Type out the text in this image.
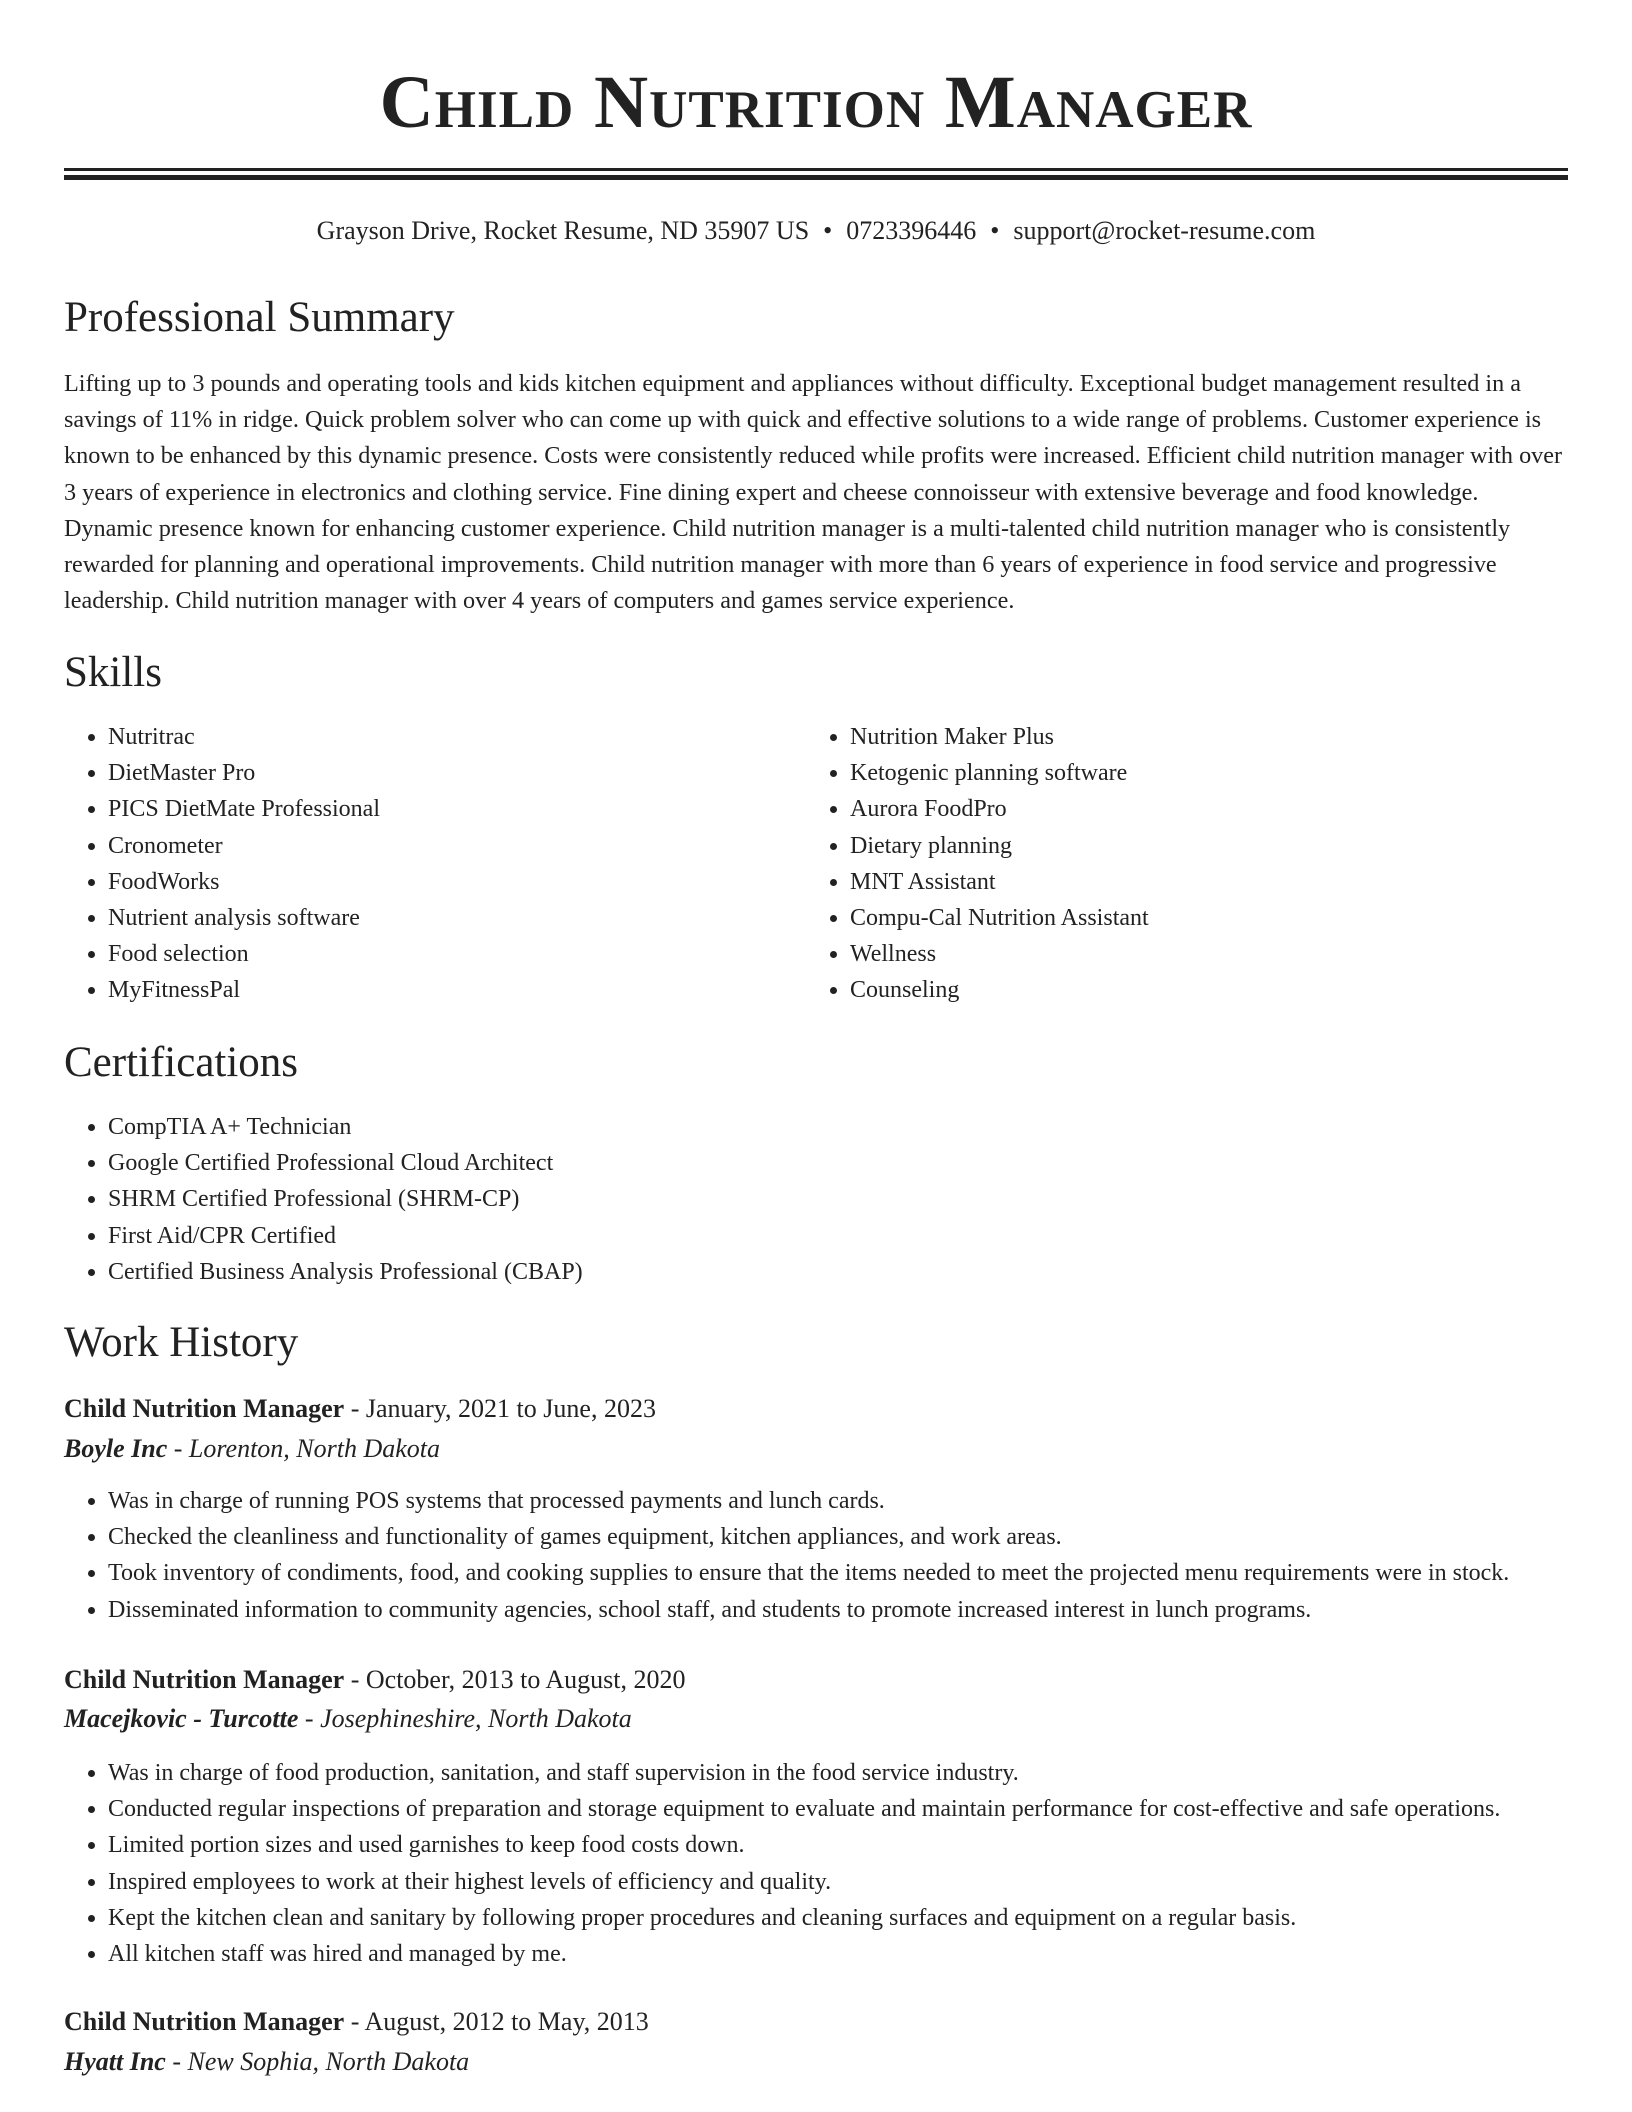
Child Nutrition Manager
Grayson Drive, Rocket Resume, ND 35907 US • 0723396446 • support@rocket-resume.com
Professional Summary

Lifting up to 3 pounds and operating tools and kids kitchen equipment and appliances without difficulty. Exceptional budget management resulted in a savings of 11% in ridge. Quick problem solver who can come up with quick and effective solutions to a wide range of problems. Customer experience is known to be enhanced by this dynamic presence. Costs were consistently reduced while profits were increased. Efficient child nutrition manager with over 3 years of experience in electronics and clothing service. Fine dining expert and cheese connoisseur with extensive beverage and food knowledge. Dynamic presence known for enhancing customer experience. Child nutrition manager is a multi-talented child nutrition manager who is consistently rewarded for planning and operational improvements. Child nutrition manager with more than 6 years of experience in food service and progressive leadership. Child nutrition manager with over 4 years of computers and games service experience.

Skills
• Nutritrac
• DietMaster Pro
• PICS DietMate Professional
• Cronometer
• FoodWorks
• Nutrient analysis software
• Food selection
• MyFitnessPal
• Nutrition Maker Plus
• Ketogenic planning software
• Aurora FoodPro
• Dietary planning
• MNT Assistant
• Compu-Cal Nutrition Assistant
• Wellness
• Counseling
Certifications
• CompTIA A+ Technician
• Google Certified Professional Cloud Architect
• SHRM Certified Professional (SHRM-CP)
• First Aid/CPR Certified
• Certified Business Analysis Professional (CBAP)
Work History
Child Nutrition Manager - January, 2021 to June, 2023
Boyle Inc - Lorenton, North Dakota
• Was in charge of running POS systems that processed payments and lunch cards.
• Checked the cleanliness and functionality of games equipment, kitchen appliances, and work areas.
• Took inventory of condiments, food, and cooking supplies to ensure that the items needed to meet the projected menu requirements were in stock.
• Disseminated information to community agencies, school staff, and students to promote increased interest in lunch programs.
Child Nutrition Manager - October, 2013 to August, 2020
Macejkovic - Turcotte - Josephineshire, North Dakota
• Was in charge of food production, sanitation, and staff supervision in the food service industry.
• Conducted regular inspections of preparation and storage equipment to evaluate and maintain performance for cost-effective and safe operations.
• Limited portion sizes and used garnishes to keep food costs down.
• Inspired employees to work at their highest levels of efficiency and quality.
• Kept the kitchen clean and sanitary by following proper procedures and cleaning surfaces and equipment on a regular basis.
• All kitchen staff was hired and managed by me.
Child Nutrition Manager - August, 2012 to May, 2013
Hyatt Inc - New Sophia, North Dakota
